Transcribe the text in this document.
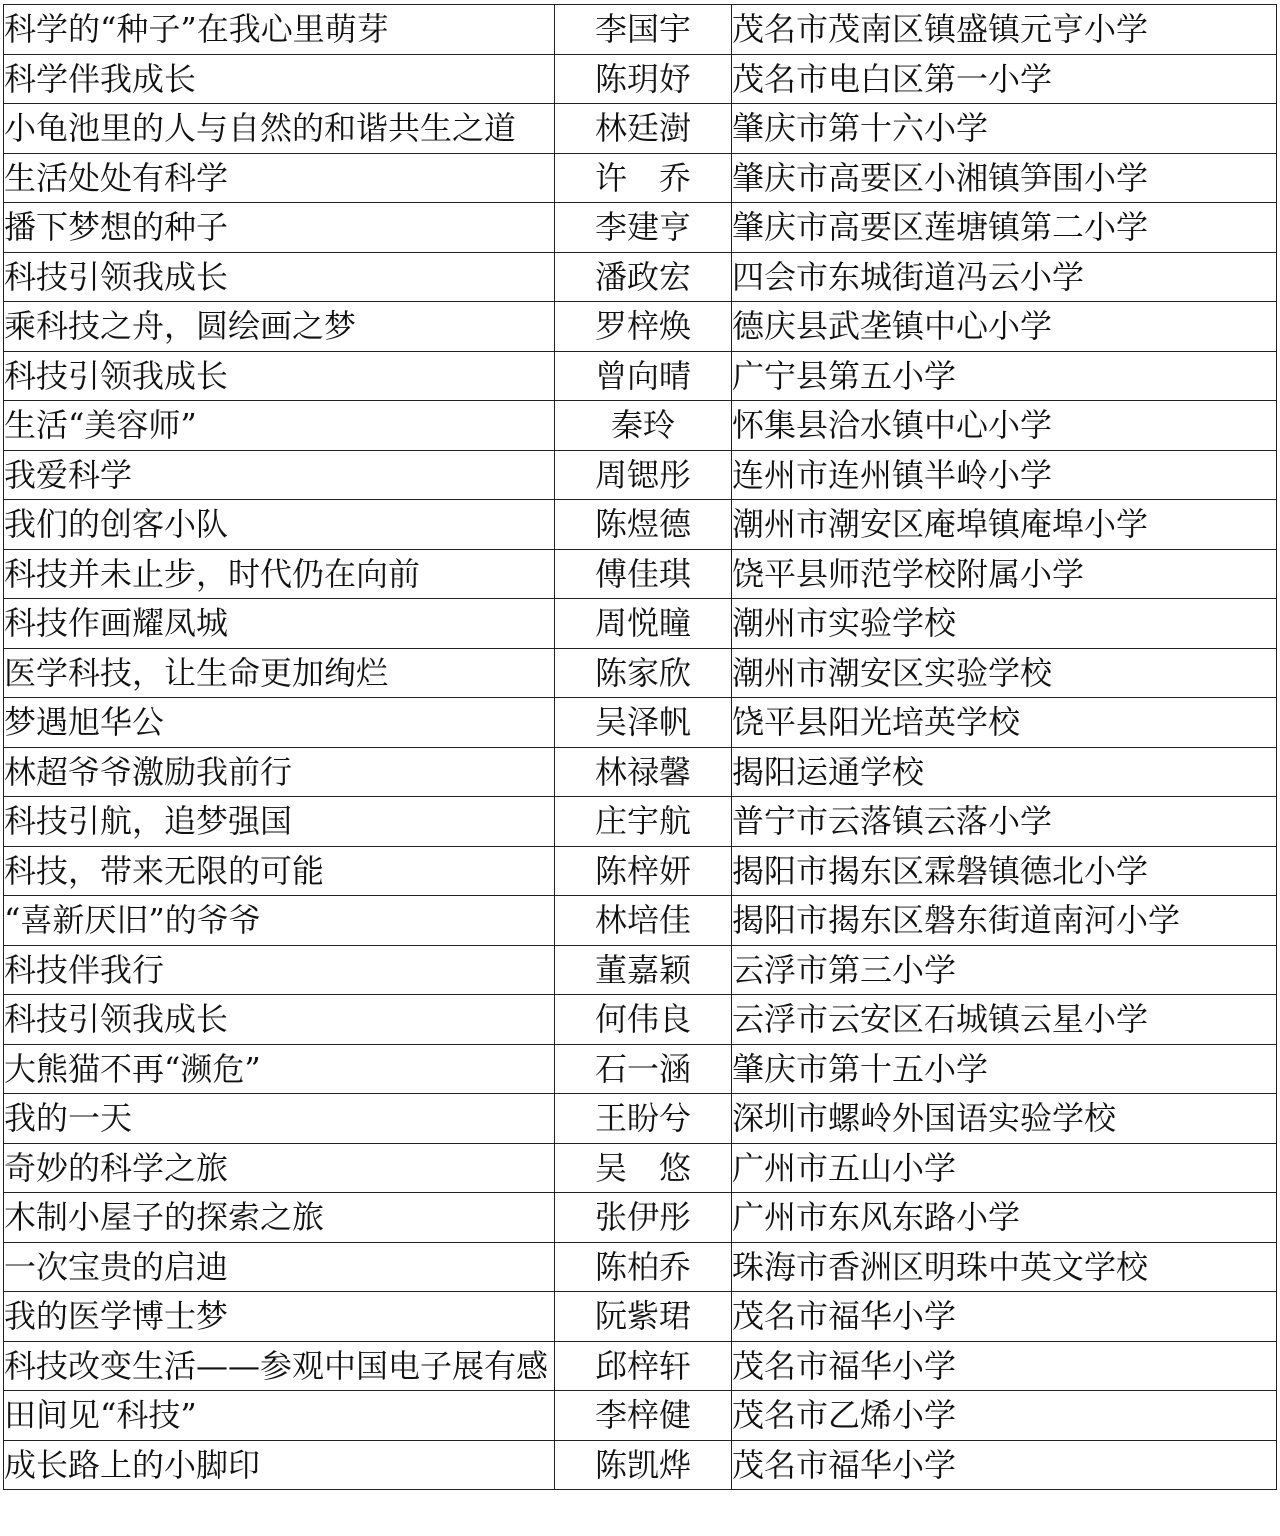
科学的“种子”在我心里萌芽	李国宇	茂名市茂南区镇盛镇元亨小学
科学伴我成长	陈玥妤	茂名市电白区第一小学
小龟池里的人与自然的和谐共生之道	林廷澍	肇庆市第十六小学
生活处处有科学	许　乔	肇庆市高要区小湘镇笋围小学
播下梦想的种子	李建亨	肇庆市高要区莲塘镇第二小学
科技引领我成长	潘政宏	四会市东城街道冯云小学
乘科技之舟，圆绘画之梦	罗梓焕	德庆县武垄镇中心小学
科技引领我成长	曾向晴	广宁县第五小学
生活“美容师”	秦玲	怀集县洽水镇中心小学
我爱科学	周锶彤	连州市连州镇半岭小学
我们的创客小队	陈煜德	潮州市潮安区庵埠镇庵埠小学
科技并未止步，时代仍在向前	傅佳琪	饶平县师范学校附属小学
科技作画耀凤城	周悦瞳	潮州市实验学校
医学科技，让生命更加绚烂	陈家欣	潮州市潮安区实验学校
梦遇旭华公	吴泽帆	饶平县阳光培英学校
林超爷爷激励我前行	林禄馨	揭阳运通学校
科技引航，追梦强国	庄宇航	普宁市云落镇云落小学
科技，带来无限的可能	陈梓妍	揭阳市揭东区霖磐镇德北小学
“喜新厌旧”的爷爷	林培佳	揭阳市揭东区磐东街道南河小学
科技伴我行	董嘉颖	云浮市第三小学
科技引领我成长	何伟良	云浮市云安区石城镇云星小学
大熊猫不再“濒危”	石一涵	肇庆市第十五小学
我的一天	王盼兮	深圳市螺岭外国语实验学校
奇妙的科学之旅	吴　悠	广州市五山小学
木制小屋子的探索之旅	张伊彤	广州市东风东路小学
一次宝贵的启迪	陈柏乔	珠海市香洲区明珠中英文学校
我的医学博士梦	阮紫珺	茂名市福华小学
科技改变生活——参观中国电子展有感	邱梓轩	茂名市福华小学
田间见“科技”	李梓健	茂名市乙烯小学
成长路上的小脚印	陈凯烨	茂名市福华小学
